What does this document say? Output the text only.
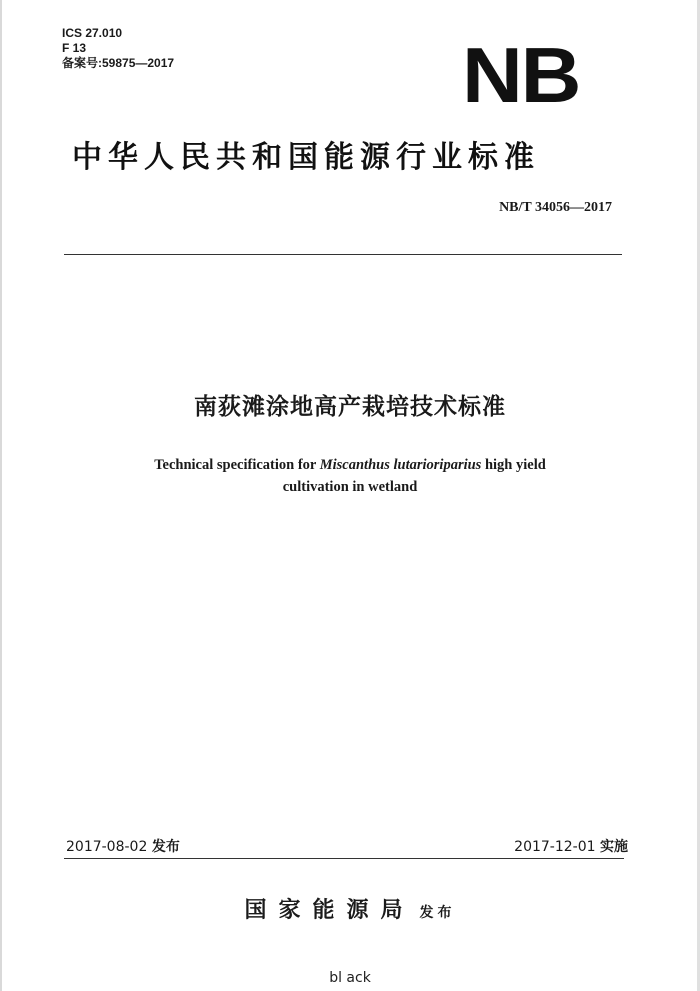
ICS 27.010
F 13
备案号:59875—2017	NB
中华人民共和国能源行业标准
NB/T 34056—2017
南荻滩涂地高产栽培技术标准
Technical specification for Miscanthus lutarioriparius high yield
cultivation in wetland
2017-08-02 发布	2017-12-01 实施
国家能源局 发布
bl ack
